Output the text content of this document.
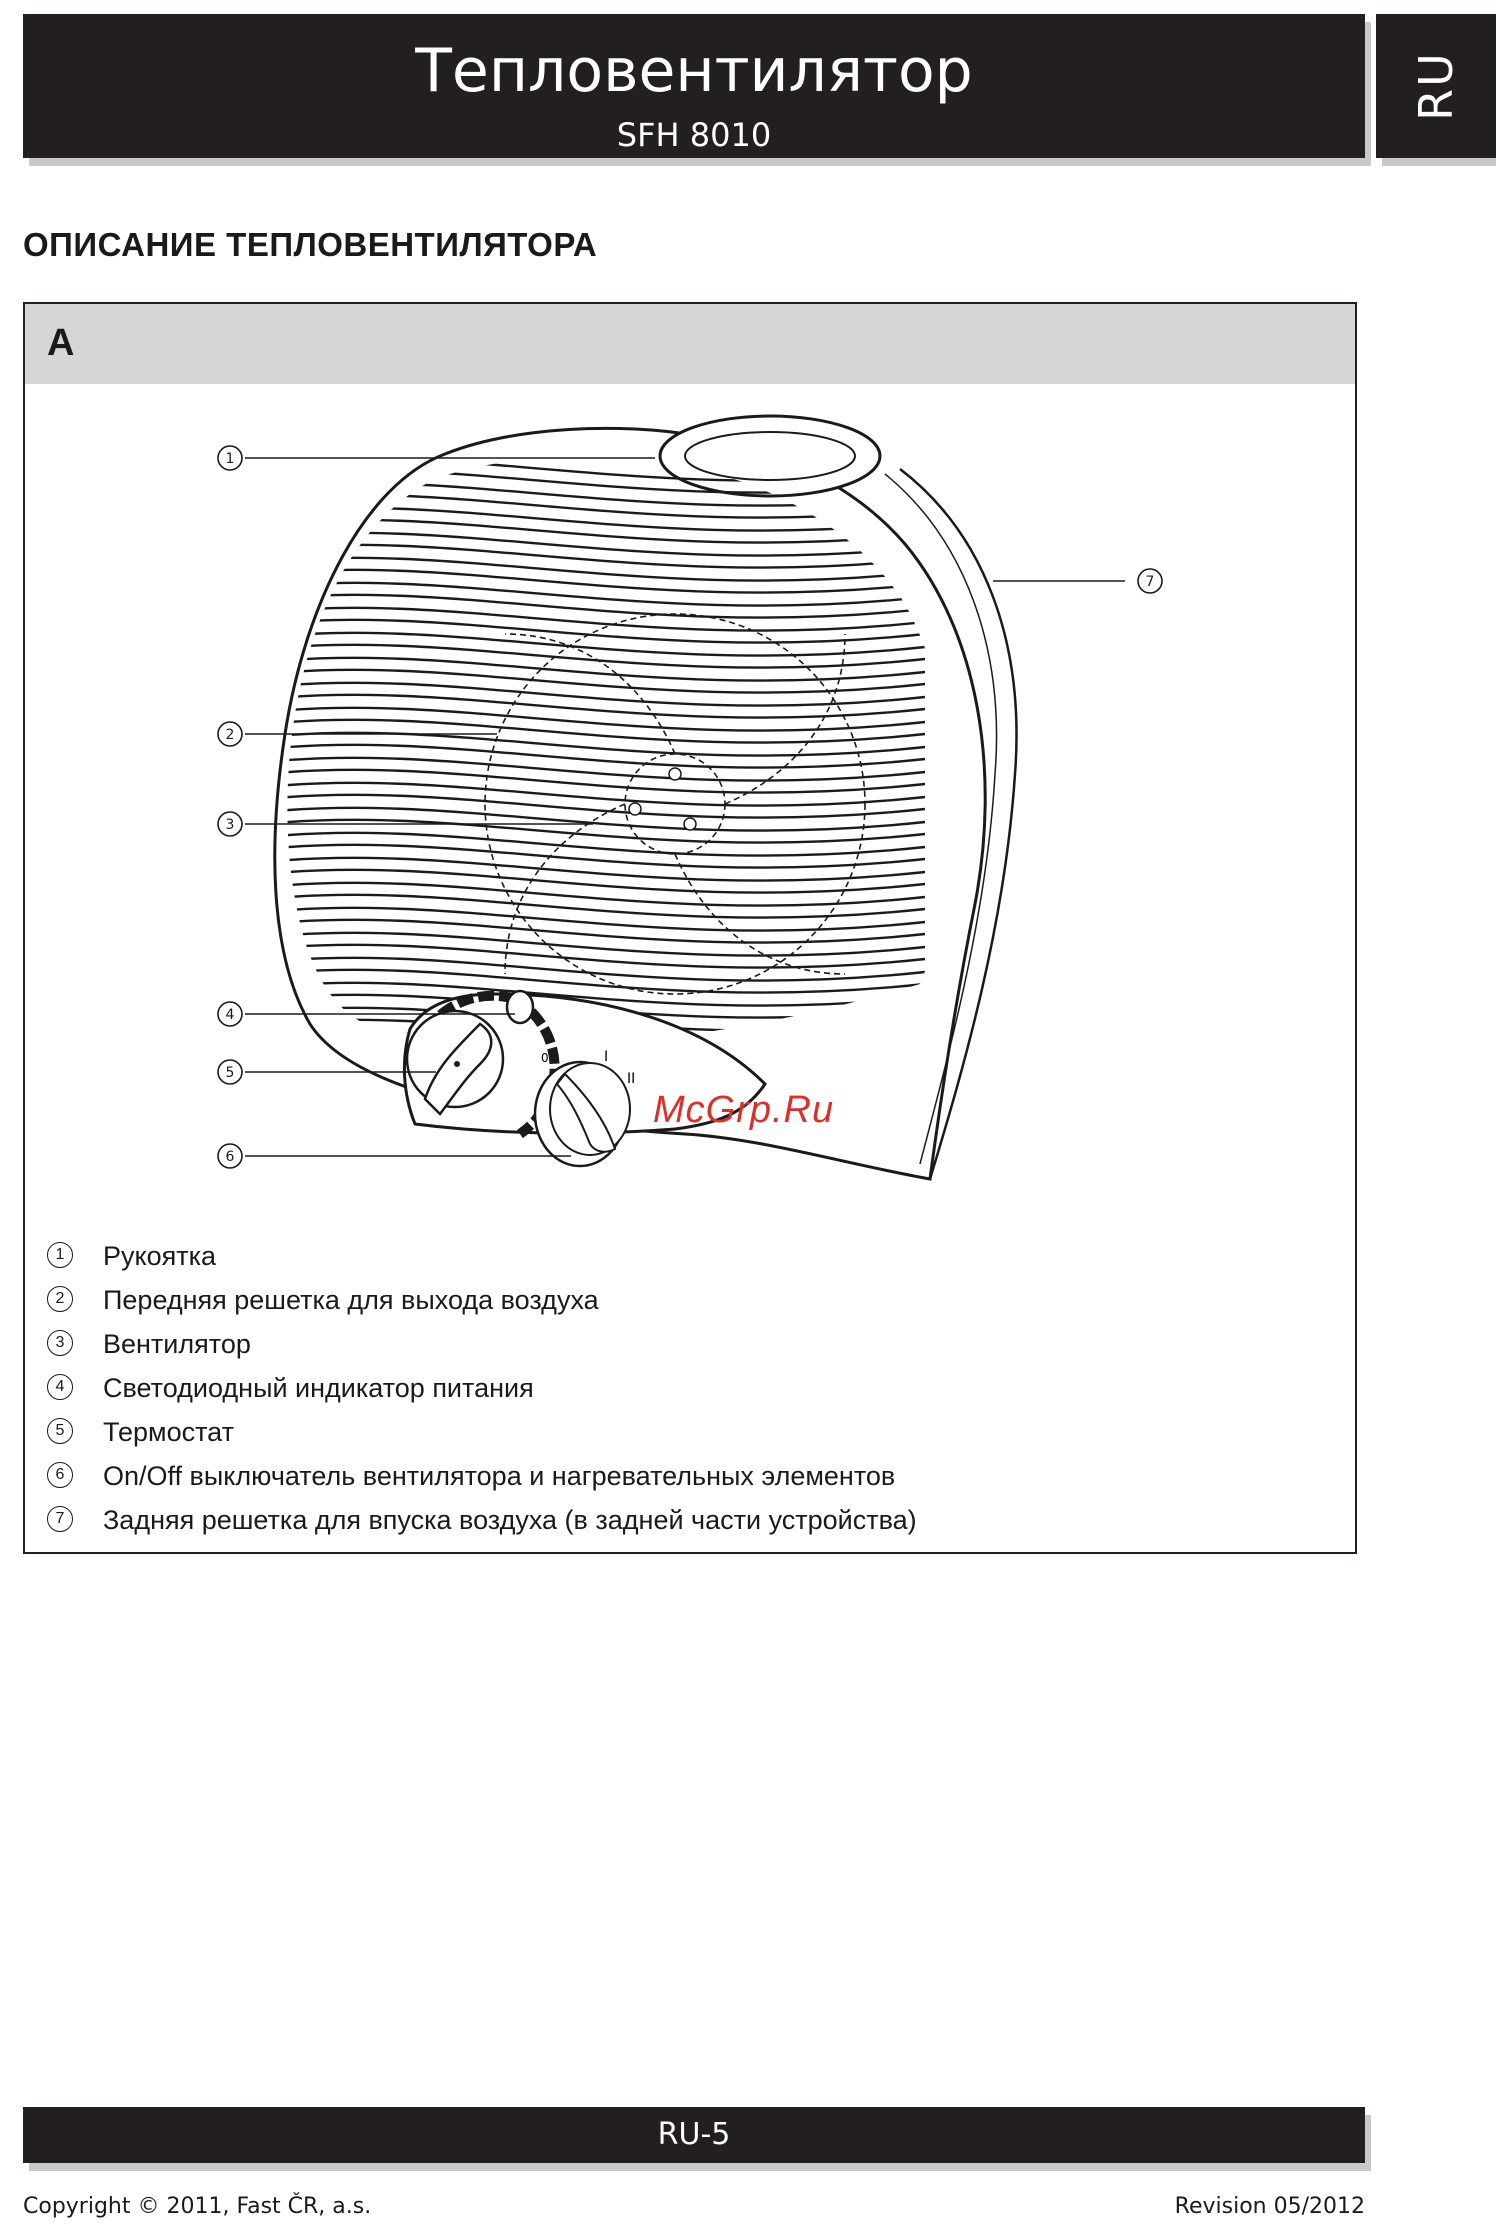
Тепловентилятор
SFH 8010
RU
ОПИСАНИЕ ТЕПЛОВЕНТИЛЯТОРА
A
0	I
II
1
7
2
3
4
5
6
McGrp.Ru
1	Рукоятка
2	Передняя решетка для выхода воздуха
3	Вентилятор
4	Светодиодный индикатор питания
5	Термостат
6	On/Off выключатель вентилятора и нагревательных элементов
7	Задняя решетка для впуска воздуха (в задней части устройства)
RU-5
Copyright © 2011, Fast ČR, a.s.	Revision 05/2012
